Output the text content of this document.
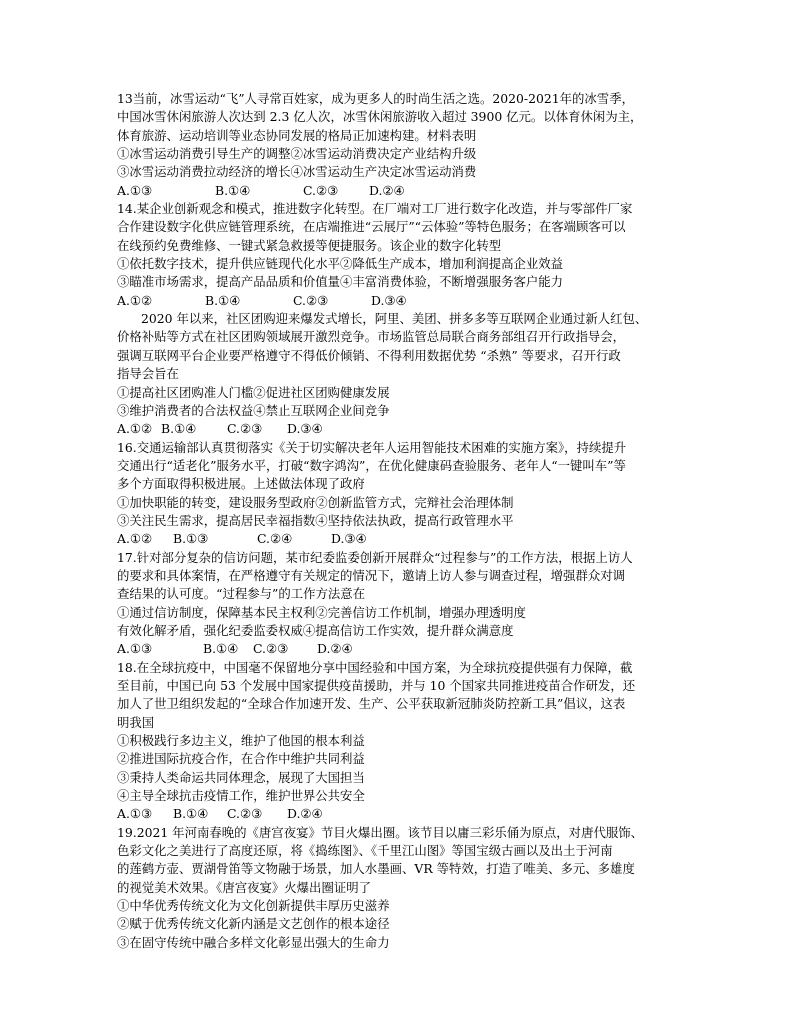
13当前，冰雪运动“飞”人寻常百姓家，成为更多人的时尚生活之选。2020-2021年的冰雪季，
中国冰雪休闲旅游人次达到 2.3 亿人次，冰雪休闲旅游收入超过 3900 亿元。以体育休闲为主，
体育旅游、运动培训等业态协同发展的格局正加速构建。材料表明
①冰雪运动消费引导生产的调整②冰雪运动消费决定产业结构升级
③冰雪运动消费拉动经济的增长④冰雪运动生产决定冰雪运动消费
A.①③	B.①④	C.②③ D.②④
14.某企业创新观念和模式，推进数字化转型。在厂端对工厂进行数字化改造，并与零部件厂家
合作建设数字化供应链管理系统，在店端推进“云展厅”“云体验”等特色服务；在客端顾客可以
在线预约免费维修、一键式紧急救援等便捷服务。该企业的数字化转型
①依托数字技术，提升供应链现代化水平②降低生产成本，增加利润提高企业效益
③瞄准市场需求，提高产品品质和价值量④丰富消费体验，不断增强服务客户能力
A.①②	B.①④	C.②③	D.③④
2020 年以来，社区团购迎来爆发式增长，阿里、美团、拼多多等互联网企业通过新人红包、
价格补贴等方式在社区团购领域展开激烈竞争。市场监管总局联合商务部组召开行政指导会，
强调互联网平台企业要严格遵守不得低价倾销、不得利用数据优势 “杀熟” 等要求，召开行政
指导会旨在
①提高社区团购准人门槛②促进社区团购健康发展
③维护消费者的合法权益④禁止互联网企业间竞争
A.①② B.①④ C.②③ D.③④
16.交通运输部认真贯彻落实《关于切实解决老年人运用智能技术困难的实施方案》，持续提升
交通出行“适老化”服务水平，打破“数字鸿沟”，在优化健康码查验服务、老年人“一键叫车”等
多个方面取得积极进展。上述做法体现了政府
①加快职能的转变，建设服务型政府②创新监管方式，完辩社会治理体制
③关注民生需求，提高居民幸福指数④坚持依法执政，提高行政管理水平
A.①② B.①③	C.②④	D.③④
17.针对部分复杂的信访问题，某市纪委监委创新开展群众“过程参与”的工作方法，根据上访人
的要求和具体案情，在严格遵守有关规定的情况下，邀请上访人参与调查过程，增强群众对调
查结果的认可度。“过程参与”的工作方法意在
①通过信访制度，保障基本民主权利②完善信访工作机制，增强办理透明度
有效化解矛盾，强化纪委监委权威④提高信访工作实效，提升群众满意度
A.①③	B.①④ C.②③ D.②④
18.在全球抗疫中，中国毫不保留地分享中国经验和中国方案，为全球抗疫提供强有力保障，截
至目前，中国已向 53 个发展中国家提供疫苗援助，并与 10 个国家共同推进疫苗合作研发，还
加人了世卫组织发起的“全球合作加速开发、生产、公平获取新冠肺炎防控新工具”倡议，这表
明我国
①积极践行多边主义，维护了他国的根本利益
②推进国际抗疫合作，在合作中维护共同利益
③秉持人类命运共同体理念，展现了大国担当
④主导全球抗击疫情工作，维护世界公共安全
A.①③ B.①④ C.②③ D.②④
19.2021 年河南春晚的《唐宫夜宴》节目火爆出圈。该节目以庸三彩乐俑为原点，对唐代服饰、
色彩文化之美进行了高度还原，将《捣练图》、《千里江山图》等国宝级古画以及出土于河南
的莲鹤方壶、贾湖骨笛等文物融于场景，加人水墨画、VR 等特效，打造了唯美、多元、多雄度
的视觉美术效果。《唐宫夜宴》火爆出圈证明了
①中华优秀传统文化为文化创新提供丰厚历史滋养
②赋于优秀传统文化新内涵是文艺创作的根本途径
③在固守传统中融合多样文化彰显出强大的生命力
